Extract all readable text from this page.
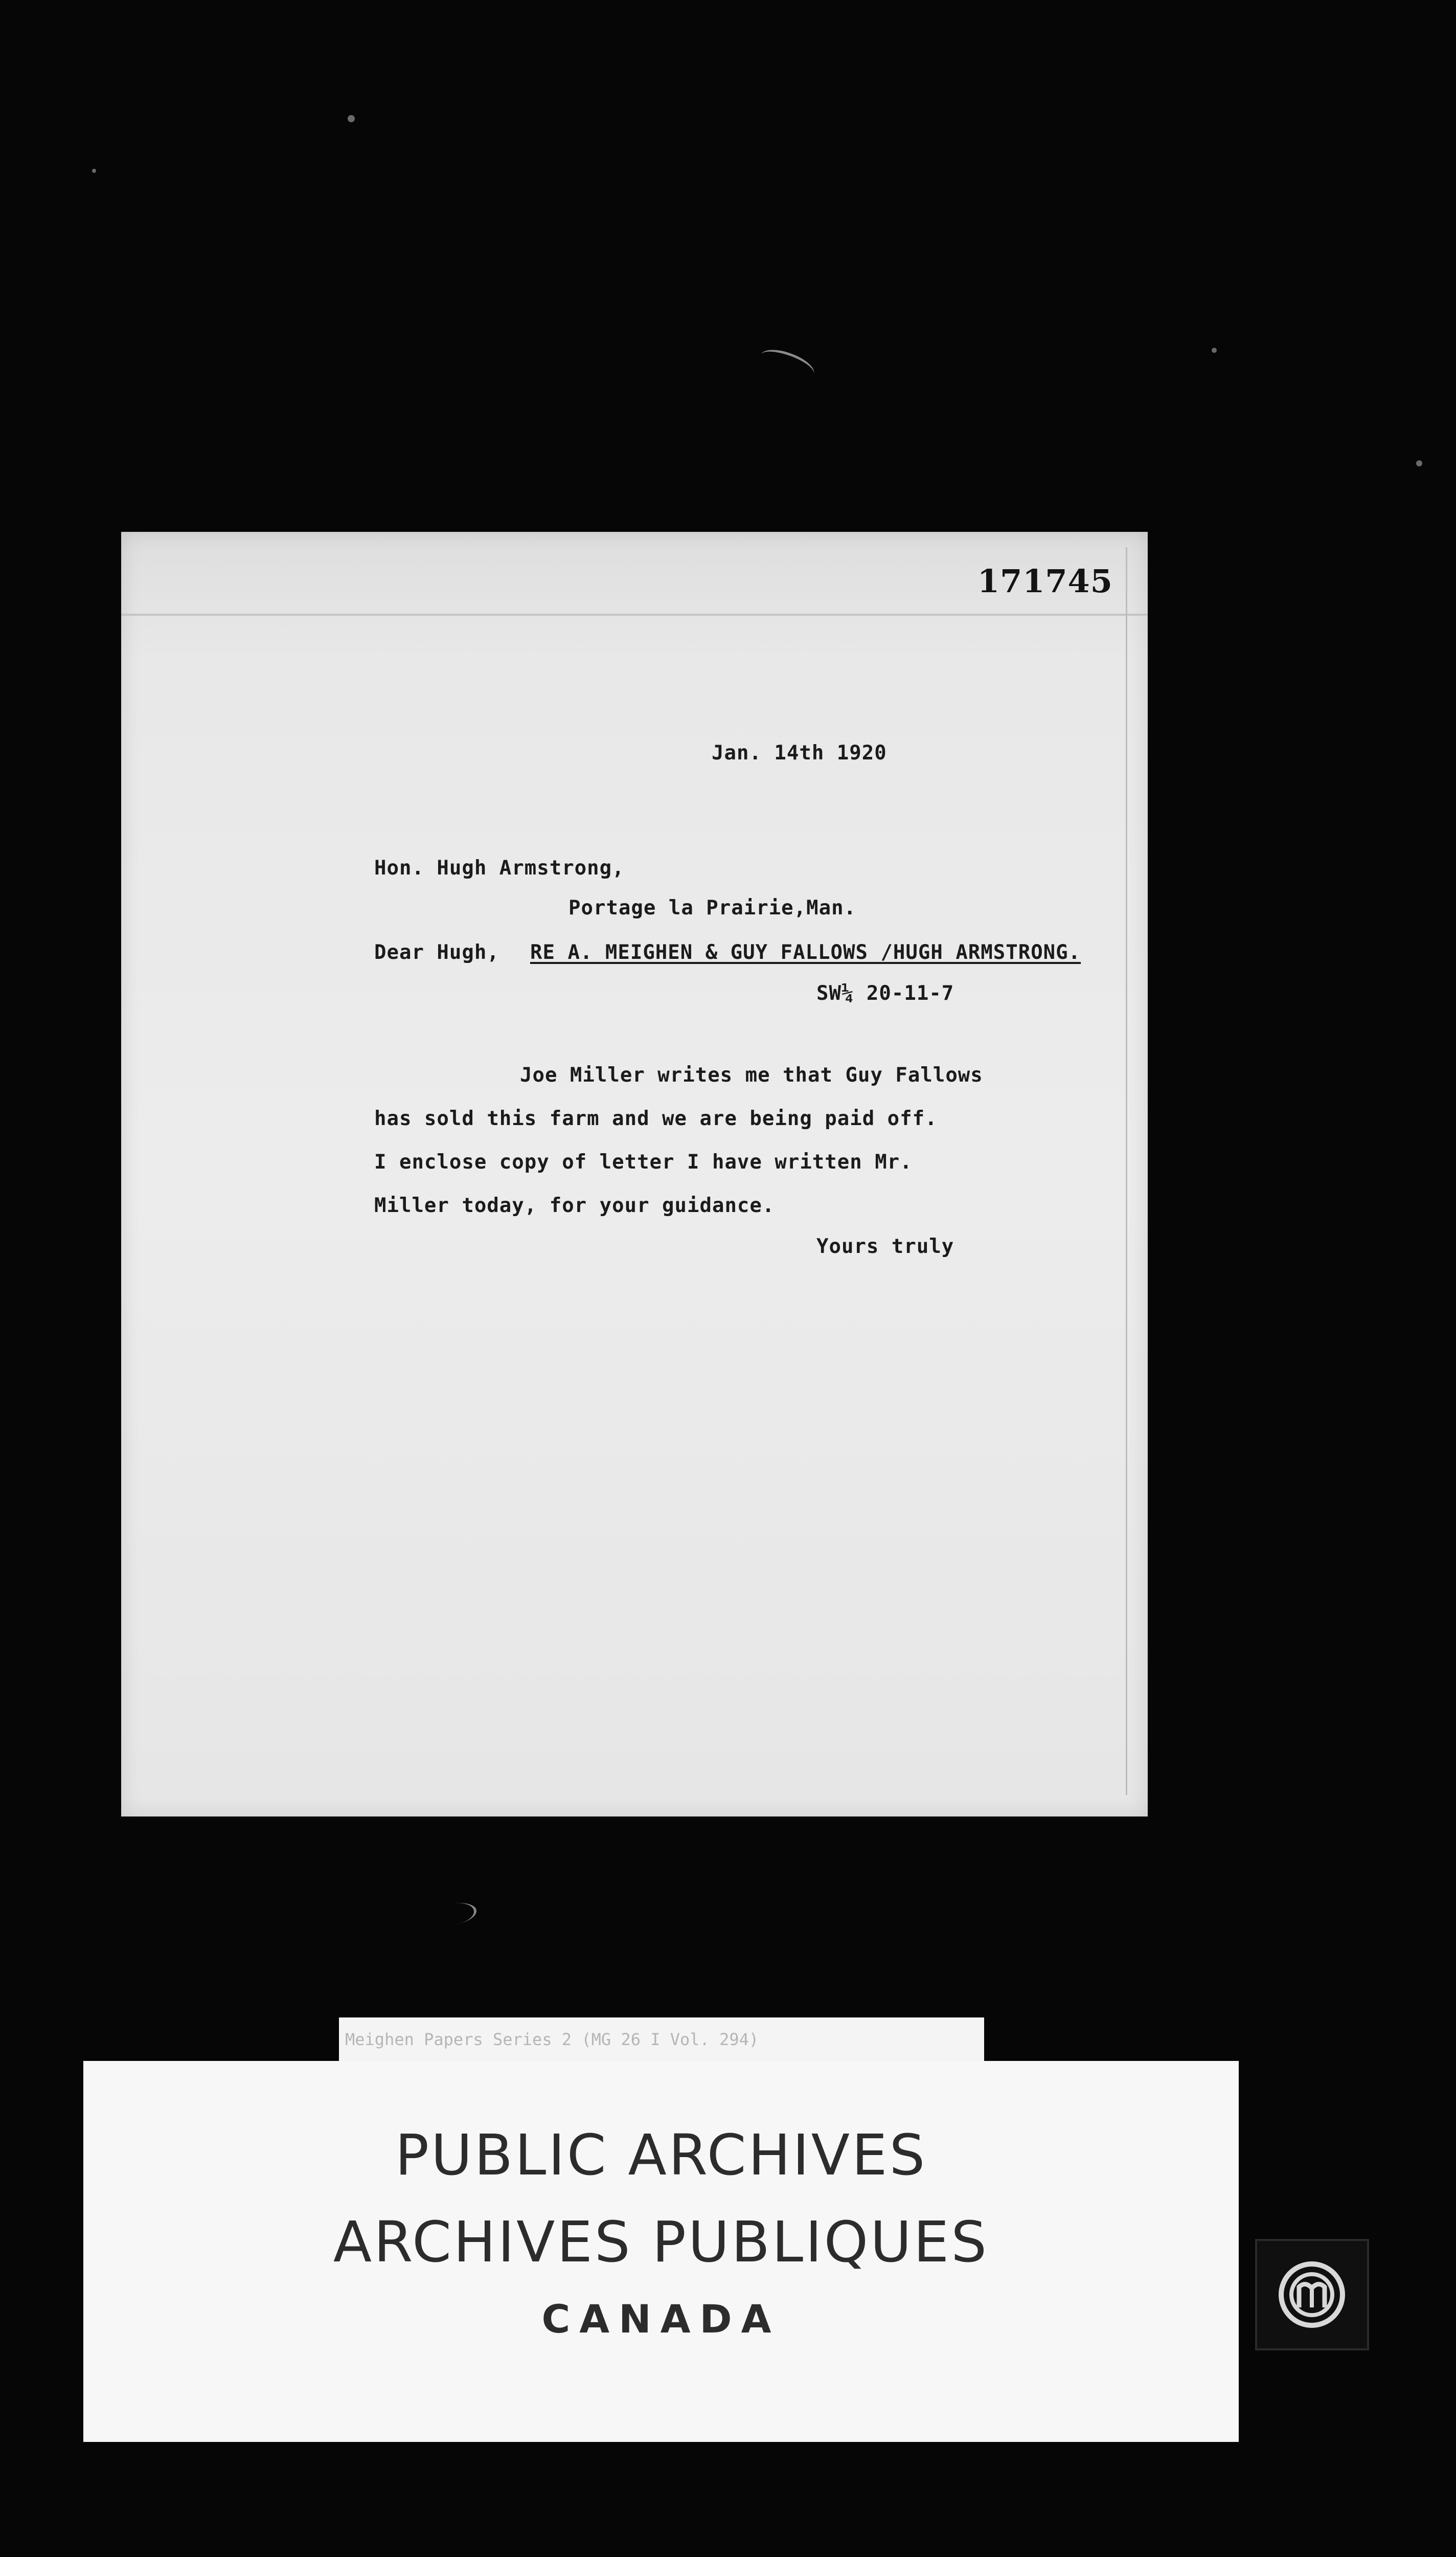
171745
Jan. 14th 1920
Hon. Hugh Armstrong,
Portage la Prairie,Man.
Dear Hugh, RE A. MEIGHEN & GUY FALLOWS /HUGH ARMSTRONG.
SW¼ 20-11-7
Joe Miller writes me that Guy Fallows
has sold this farm and we are being paid off.
I enclose copy of letter I have written Mr.
Miller today, for your guidance.
Yours truly
Meighen Papers Series 2 (MG 26 I Vol. 294)
PUBLIC ARCHIVES
ARCHIVES PUBLIQUES
CANADA
